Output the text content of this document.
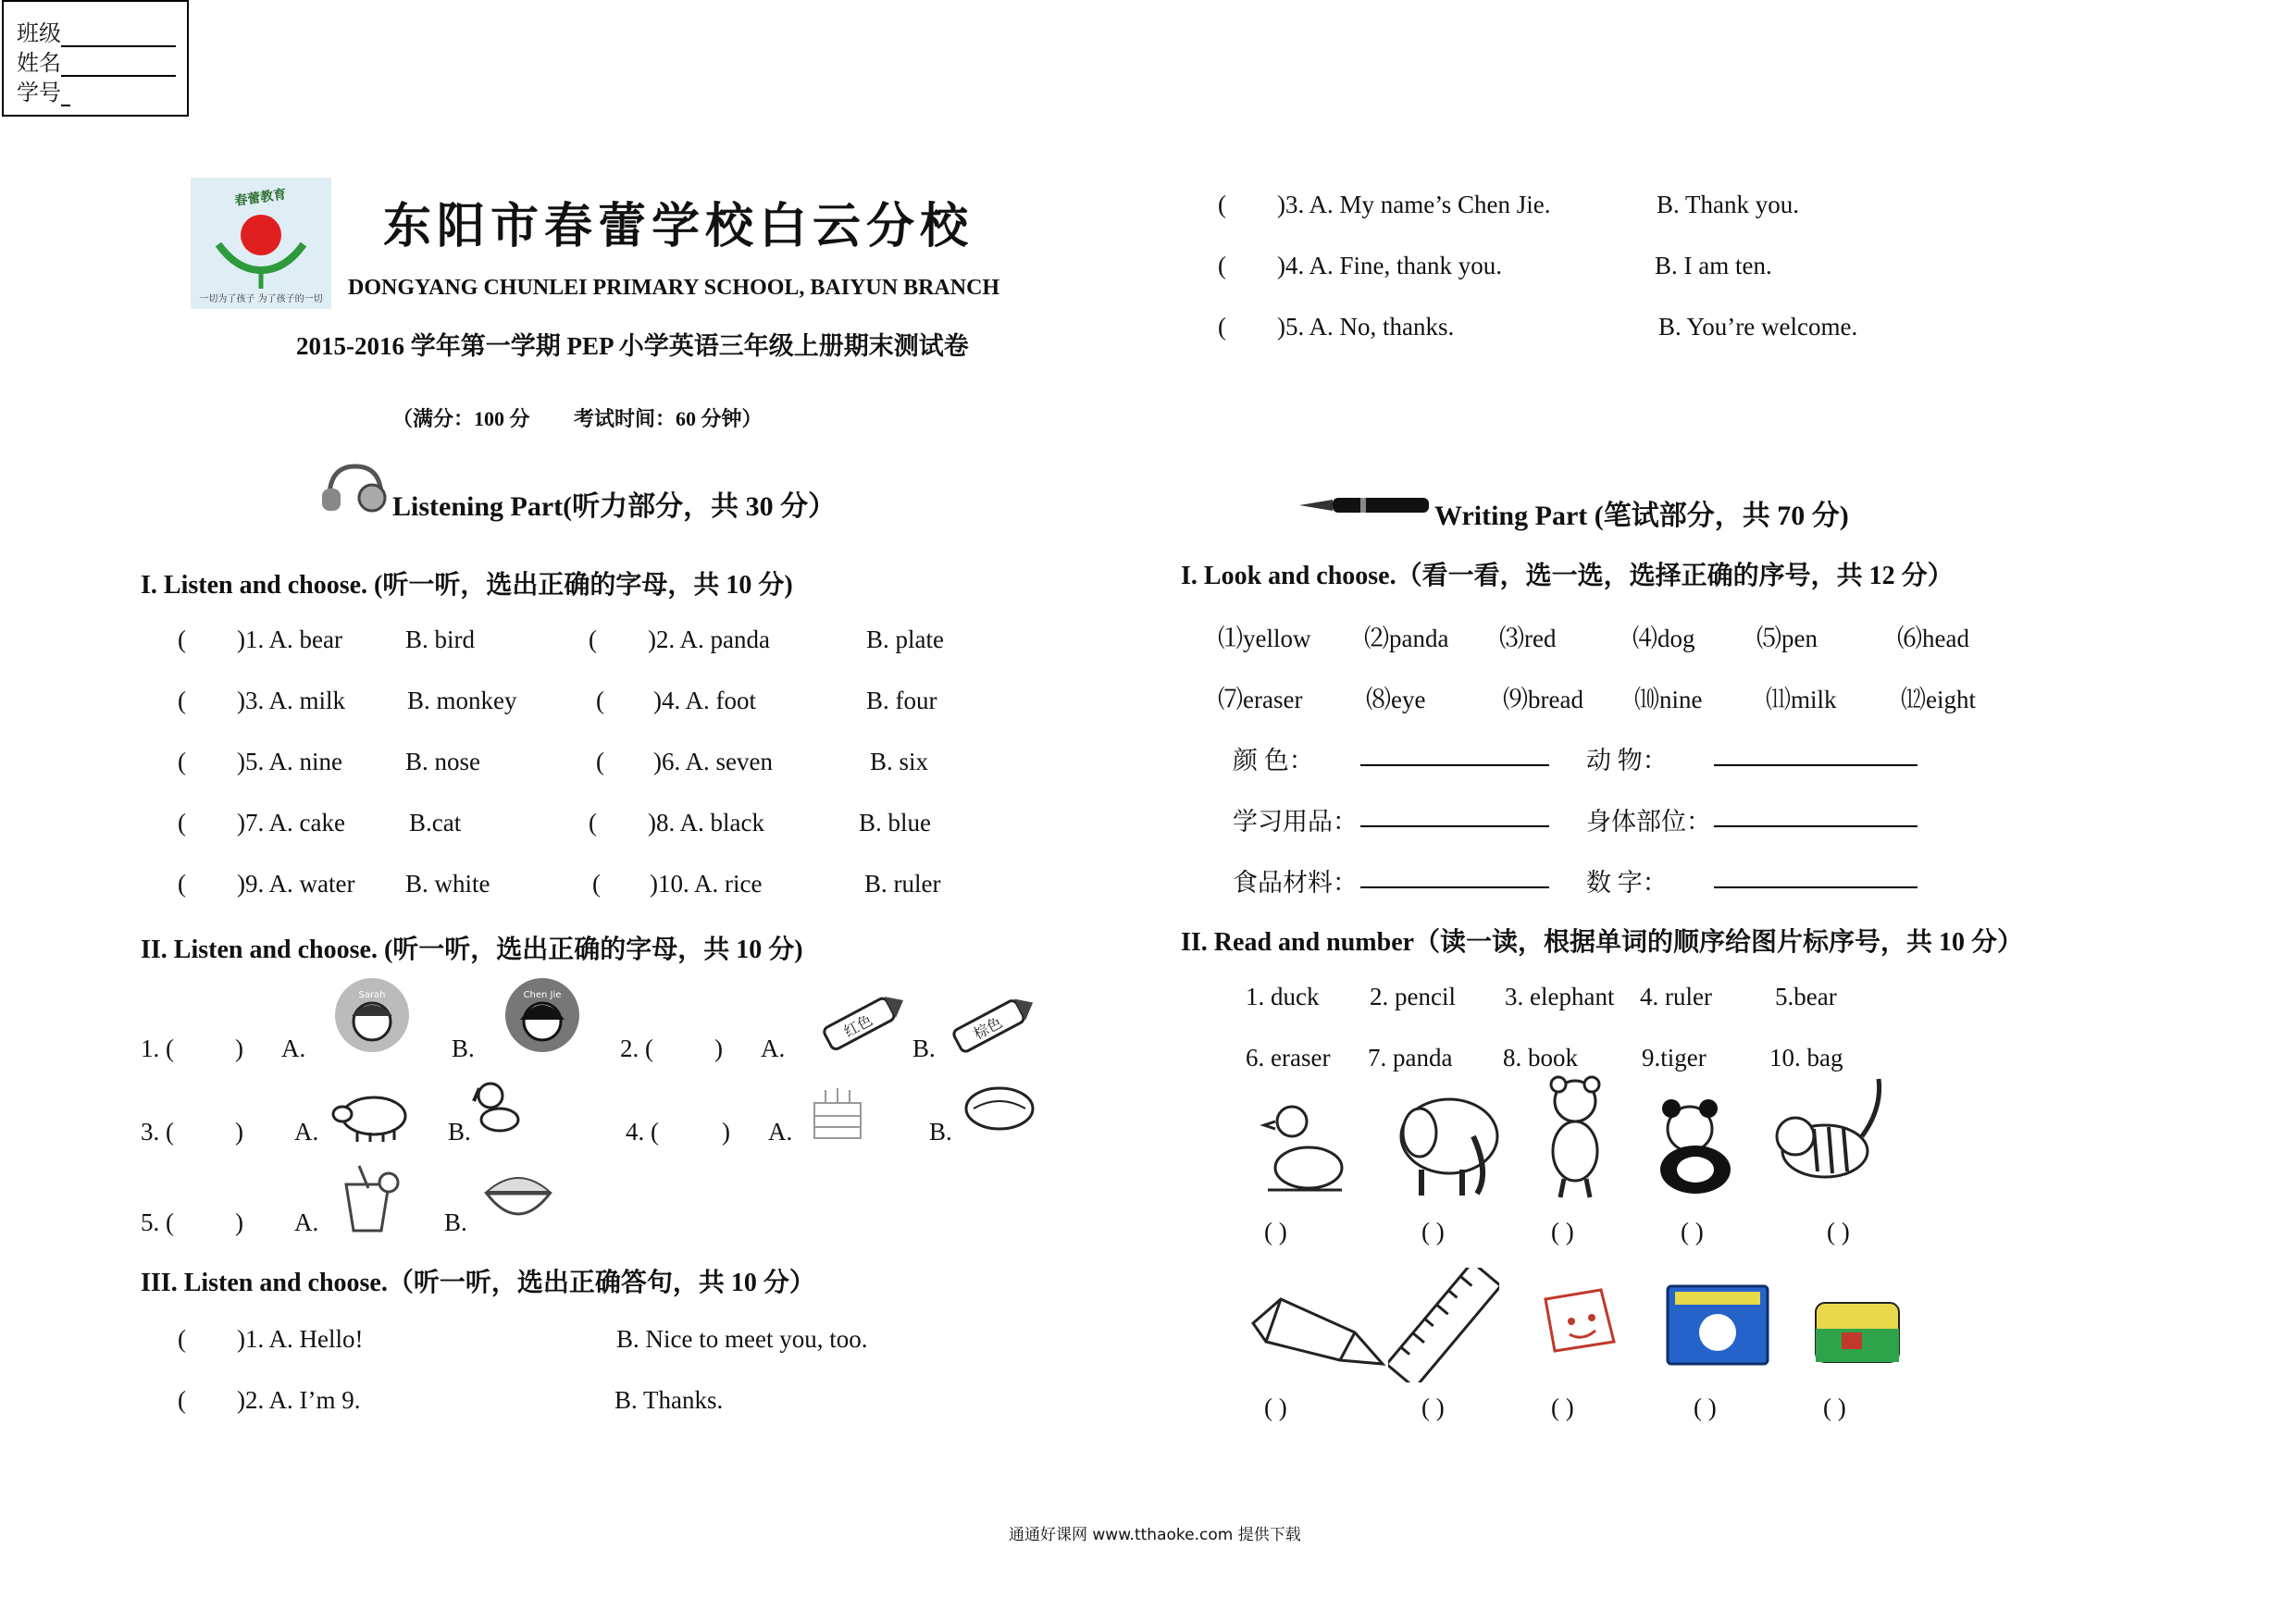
班级
姓名
学号
春蕾教育
一切为了孩子 为了孩子的一切
东阳市春蕾学校白云分校
DONGYANG CHUNLEI PRIMARY SCHOOL, BAIYUN BRANCH
2015-2016 学年第一学期 PEP 小学英语三年级上册期末测试卷
（满分：100 分 考试时间：60 分钟）
Listening Part(听力部分，共 30 分）
I. Listen and choose. (听一听，选出正确的字母，共 10 分)
( )1. A. bear	B. bird	( )2. A. panda	B. plate
( )3. A. milk B. monkey	( )4. A. foot	B. four
( )5. A. nine	B. nose	( )6. A. seven	B. six
( )7. A. cake	B.cat	( )8. A. black	B. blue
( )9. A. water B. white	( )10. A. rice	B. ruler
II. Listen and choose. (听一听，选出正确的字母，共 10 分)
1. ( ) A.
Sarah
B.
Chen Jie
2. ( ) A.
红色
B.
棕色
3. ( ) A.	B.	4. (	) A.	B.
5. ( ) A.	B.
III. Listen and choose.（听一听，选出正确答句，共 10 分）
( )1. A. Hello!	B. Nice to meet you, too.
( )2. A. I’m 9.	B. Thanks.
( )3. A. My name’s Chen Jie.	B. Thank you.
( )4. A. Fine, thank you.	B. I am ten.
( )5. A. No, thanks.	B. You’re welcome.
Writing Part (笔试部分，共 70 分)
I. Look and choose.（看一看，选一选，选择正确的序号，共 12 分）
⑴yellow ⑵panda ⑶red	⑷dog ⑸pen	⑹head
⑺eraser	⑻eye	⑼bread ⑽nine	⑾milk	⑿eight
颜 色：	动 物：
学习用品：	身体部位：
食品材料：	数 字：
II. Read and number（读一读，根据单词的顺序给图片标序号，共 10 分）
1. duck 2. pencil 3. elephant 4. ruler	5.bear
6. eraser 7. panda 8. book	9.tiger	10. bag
( )	( )	( )	( )	( )
( )	( )	( )	( )	( )
通通好课网 www.tthaoke.com 提供下载
